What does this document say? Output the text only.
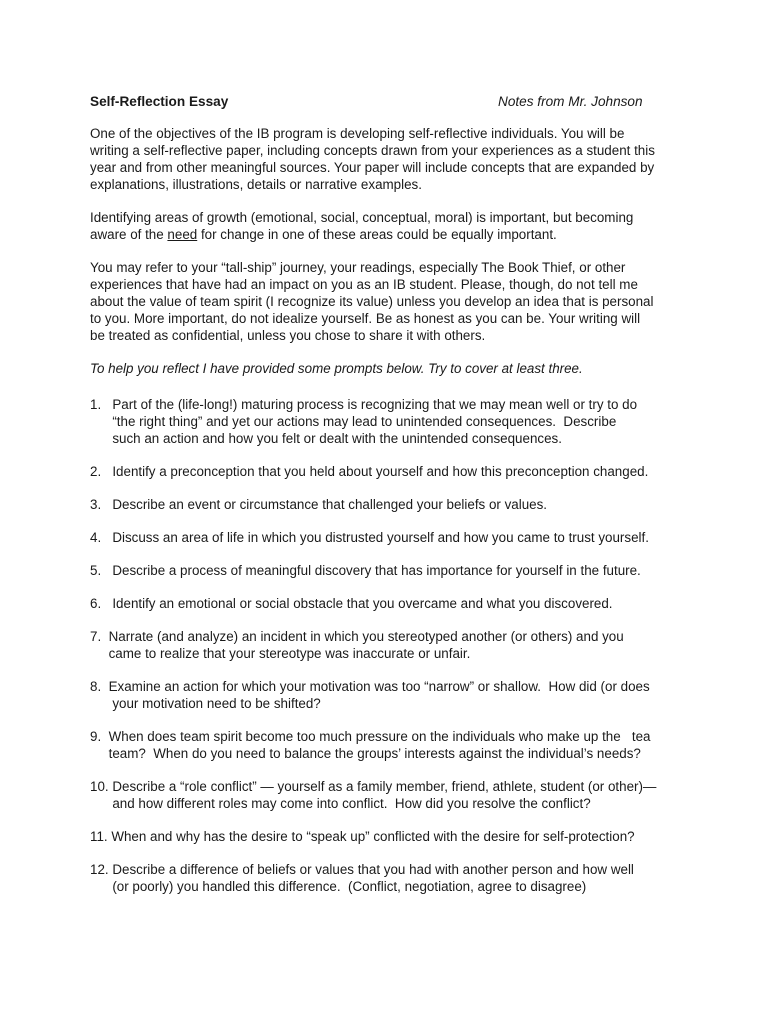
Self-Reflection Essay	Notes from Mr. Johnson
One of the objectives of the IB program is developing self-reflective individuals. You will be
writing a self-reflective paper, including concepts drawn from your experiences as a student this
year and from other meaningful sources. Your paper will include concepts that are expanded by
explanations, illustrations, details or narrative examples.
Identifying areas of growth (emotional, social, conceptual, moral) is important, but becoming
aware of the need for change in one of these areas could be equally important.
You may refer to your “tall-ship” journey, your readings, especially The Book Thief, or other
experiences that have had an impact on you as an IB student. Please, though, do not tell me
about the value of team spirit (I recognize its value) unless you develop an idea that is personal
to you. More important, do not idealize yourself. Be as honest as you can be. Your writing will
be treated as confidential, unless you chose to share it with others.
To help you reflect I have provided some prompts below. Try to cover at least three.
1.   Part of the (life-long!) maturing process is recognizing that we may mean well or try to do
“the right thing” and yet our actions may lead to unintended consequences.  Describe
such an action and how you felt or dealt with the unintended consequences.
2.   Identify a preconception that you held about yourself and how this preconception changed.
3.   Describe an event or circumstance that challenged your beliefs or values.
4.   Discuss an area of life in which you distrusted yourself and how you came to trust yourself.
5.   Describe a process of meaningful discovery that has importance for yourself in the future.
6.   Identify an emotional or social obstacle that you overcame and what you discovered.
7.  Narrate (and analyze) an incident in which you stereotyped another (or others) and you
came to realize that your stereotype was inaccurate or unfair.
8.  Examine an action for which your motivation was too “narrow” or shallow.  How did (or does
your motivation need to be shifted?
9.  When does team spirit become too much pressure on the individuals who make up the   tea
team?  When do you need to balance the groups’ interests against the individual’s needs?
10. Describe a “role conflict” — yourself as a family member, friend, athlete, student (or other)—
and how different roles may come into conflict.  How did you resolve the conflict?
11. When and why has the desire to “speak up” conflicted with the desire for self-protection?
12. Describe a difference of beliefs or values that you had with another person and how well
(or poorly) you handled this difference.  (Conflict, negotiation, agree to disagree)
